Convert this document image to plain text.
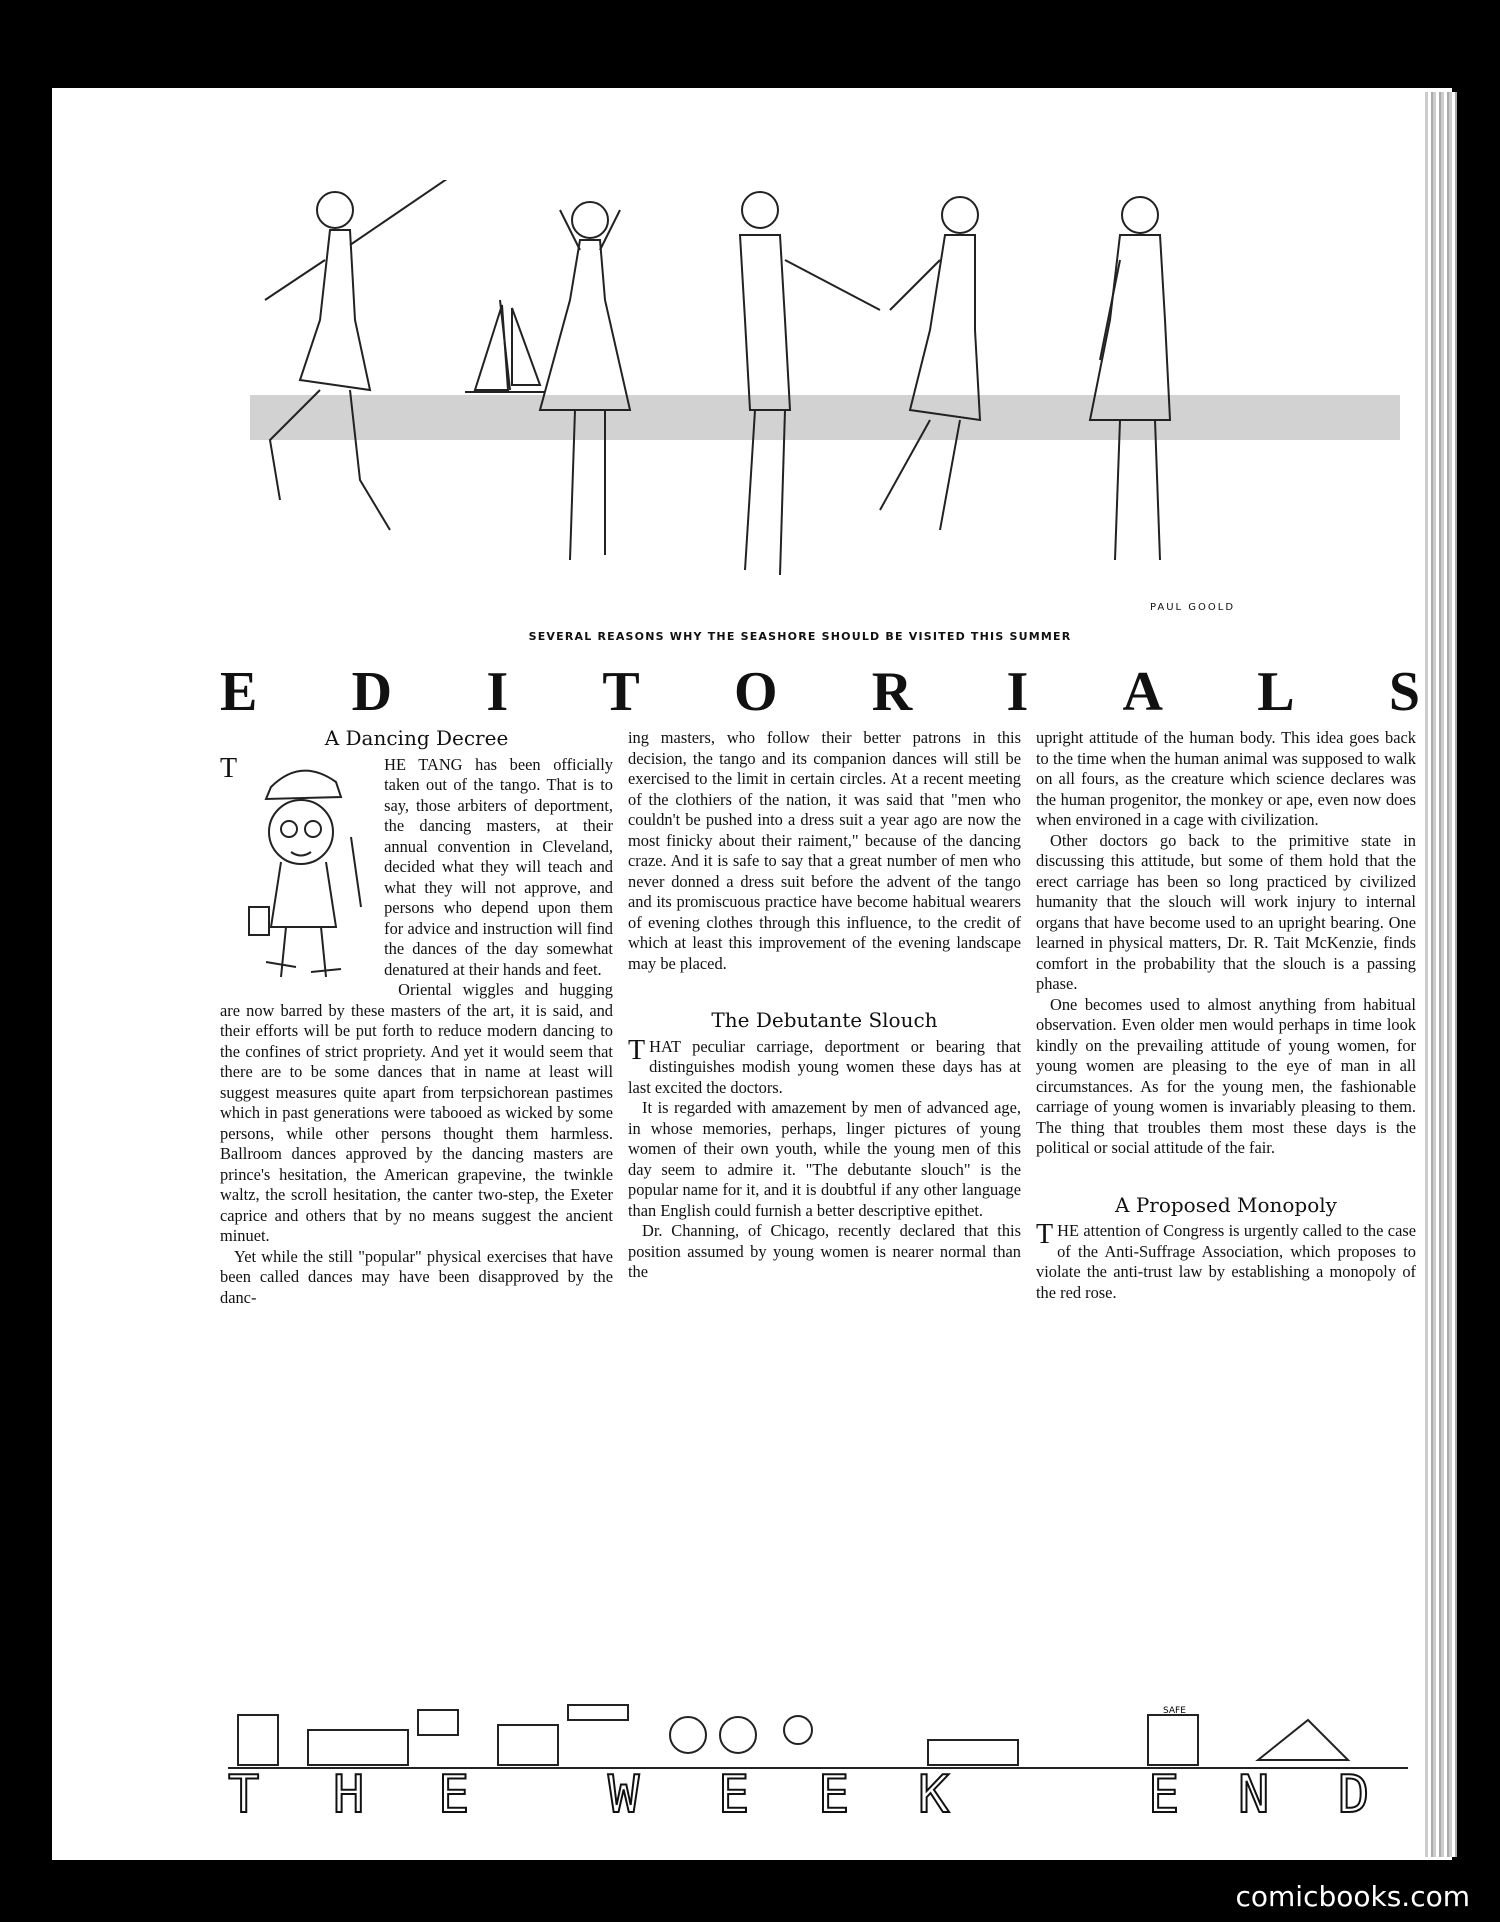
PAUL GOOLD
SEVERAL REASONS WHY THE SEASHORE SHOULD BE VISITED THIS SUMMER
E D I T O R I A L S
A Dancing Decree

T	HE TANG has been officially taken out of the tango. That is to say, those arbiters of deportment, the dancing masters, at their annual convention in Cleveland, decided what they will teach and what they will not approve, and persons who depend upon them for advice and instruction will find the dances of the day somewhat denatured at their hands and feet.

Oriental wiggles and hugging are now barred by these masters of the art, it is said, and their efforts will be put forth to reduce modern dancing to the confines of strict propriety. And yet it would seem that there are to be some dances that in name at least will suggest measures quite apart from terpsichorean pastimes which in past generations were tabooed as wicked by some persons, while other persons thought them harmless. Ballroom dances approved by the dancing masters are prince's hesitation, the American grapevine, the twinkle waltz, the scroll hesitation, the canter two-step, the Exeter caprice and others that by no means suggest the ancient minuet.

Yet while the still "popular" physical exercises that have been called dances may have been disapproved by the danc-

ing masters, who follow their better patrons in this decision, the tango and its companion dances will still be exercised to the limit in certain circles. At a recent meeting of the clothiers of the nation, it was said that "men who couldn't be pushed into a dress suit a year ago are now the most finicky about their raiment," because of the dancing craze. And it is safe to say that a great number of men who never donned a dress suit before the advent of the tango and its promiscuous practice have become habitual wearers of evening clothes through this influence, to the credit of which at least this improvement of the evening landscape may be placed.

The Debutante Slouch

THAT peculiar carriage, deportment or bearing that distinguishes modish young women these days has at last excited the doctors.

It is regarded with amazement by men of advanced age, in whose memories, perhaps, linger pictures of young women of their own youth, while the young men of this day seem to admire it. "The debutante slouch" is the popular name for it, and it is doubtful if any other language than English could furnish a better descriptive epithet.

Dr. Channing, of Chicago, recently declared that this position assumed by young women is nearer normal than the

upright attitude of the human body. This idea goes back to the time when the human animal was supposed to walk on all fours, as the creature which science declares was the human progenitor, the monkey or ape, even now does when environed in a cage with civilization.

Other doctors go back to the primitive state in discussing this attitude, but some of them hold that the erect carriage has been so long practiced by civilized humanity that the slouch will work injury to internal organs that have become used to an upright bearing. One learned in physical matters, Dr. R. Tait McKenzie, finds comfort in the probability that the slouch is a passing phase.

One becomes used to almost anything from habitual observation. Even older men would perhaps in time look kindly on the prevailing attitude of young women, for young women are pleasing to the eye of man in all circumstances. As for the young men, the fashionable carriage of young women is invariably pleasing to them. The thing that troubles them most these days is the political or social attitude of the fair.

A Proposed Monopoly

THE attention of Congress is urgently called to the case of the Anti-Suffrage Association, which proposes to violate the anti-trust law by establishing a monopoly of the red rose.

SAFE
T H E	W E E K	E N D
comicbooks.com
